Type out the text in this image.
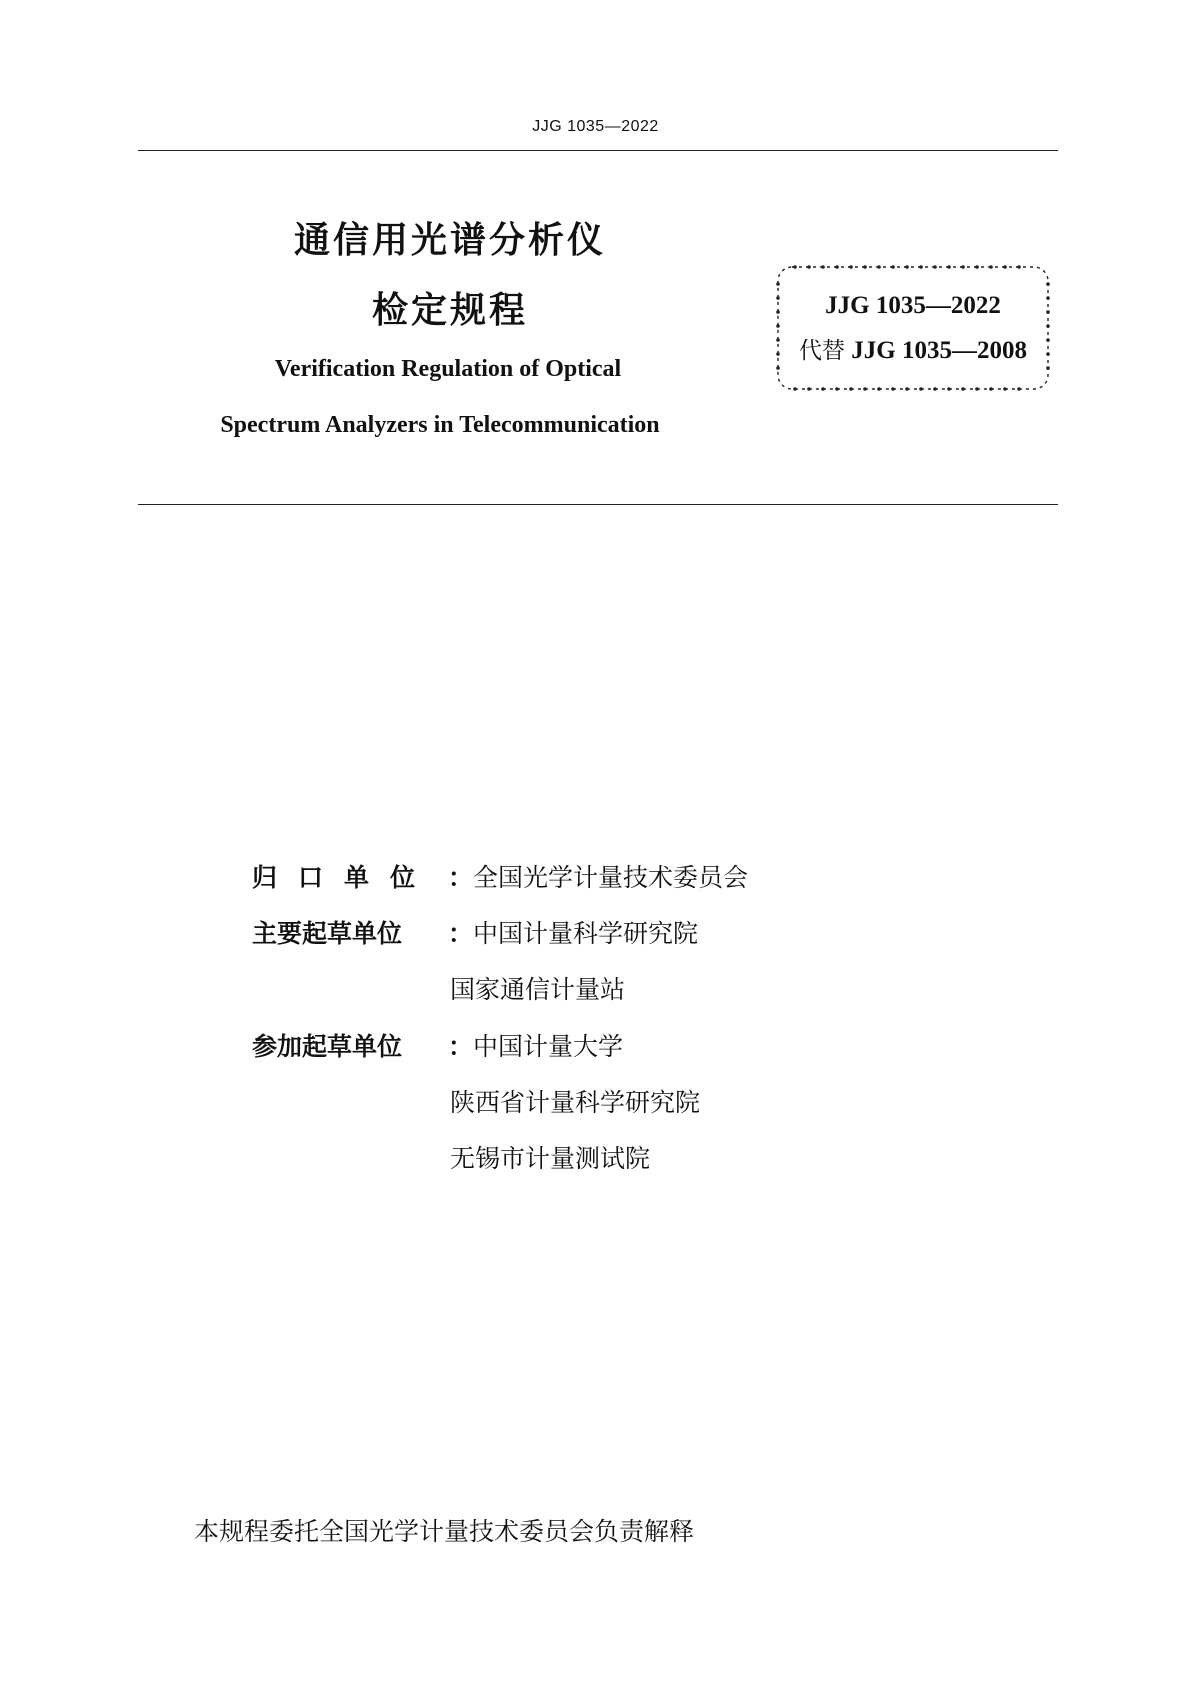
JJG 1035—2022
通信用光谱分析仪
检定规程
Verification Regulation of Optical
Spectrum Analyzers in Telecommunication
JJG 1035—2022
代替 JJG 1035—2008
归口单位 ：全国光学计量技术委员会
主要起草单位 ：中国计量科学研究院
国家通信计量站
参加起草单位 ：中国计量大学
陕西省计量科学研究院
无锡市计量测试院
本规程委托全国光学计量技术委员会负责解释
